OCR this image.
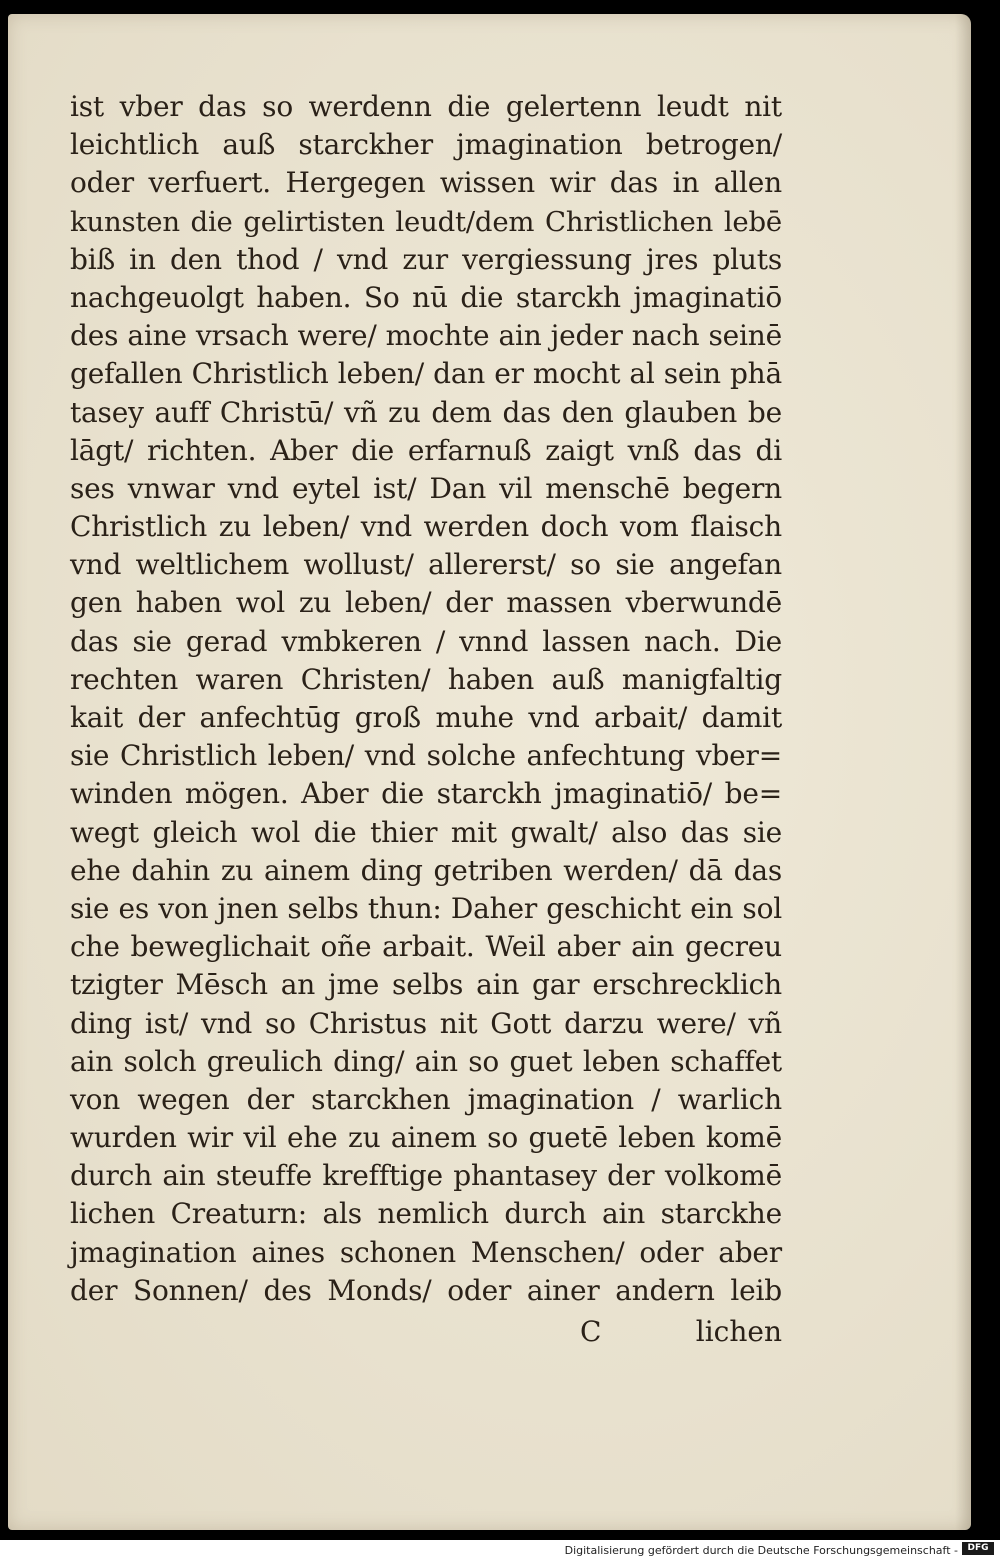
ist vber das so werdenn die gelertenn leudt nit
leichtlich auß starckher jmagination betrogen/
oder verfuert. Hergegen wissen wir das in allen
kunsten die gelirtisten leudt/dem Christlichen lebē
biß in den thod / vnd zur vergiessung jres pluts
nachgeuolgt haben. So nū die starckh jmaginatiō
des aine vrsach were/ mochte ain jeder nach seinē
gefallen Christlich leben/ dan er mocht al sein phā
tasey auff Christū/ vñ zu dem das den glauben be
lāgt/ richten. Aber die erfarnuß zaigt vnß das di
ses vnwar vnd eytel ist/ Dan vil menschē begern
Christlich zu leben/ vnd werden doch vom flaisch
vnd weltlichem wollust/ allererst/ so sie angefan
gen haben wol zu leben/ der massen vberwundē
das sie gerad vmbkeren / vnnd lassen nach. Die
rechten waren Christen/ haben auß manigfaltig
kait der anfechtūg groß muhe vnd arbait/ damit
sie Christlich leben/ vnd solche anfechtung vber=
winden mögen. Aber die starckh jmaginatiō/ be=
wegt gleich wol die thier mit gwalt/ also das sie
ehe dahin zu ainem ding getriben werden/ dā das
sie es von jnen selbs thun: Daher geschicht ein sol
che beweglichait oñe arbait. Weil aber ain gecreu
tzigter Mēsch an jme selbs ain gar erschrecklich
ding ist/ vnd so Christus nit Gott darzu were/ vñ
ain solch greulich ding/ ain so guet leben schaffet
von wegen der starckhen jmagination / warlich
wurden wir vil ehe zu ainem so guetē leben komē
durch ain steuffe krefftige phantasey der volkomē
lichen Creaturn: als nemlich durch ain starckhe
jmagination aines schonen Menschen/ oder aber
der Sonnen/ des Monds/ oder ainer andern leib
C	lichen
Digitalisierung gefördert durch die Deutsche Forschungsgemeinschaft -	DFG
